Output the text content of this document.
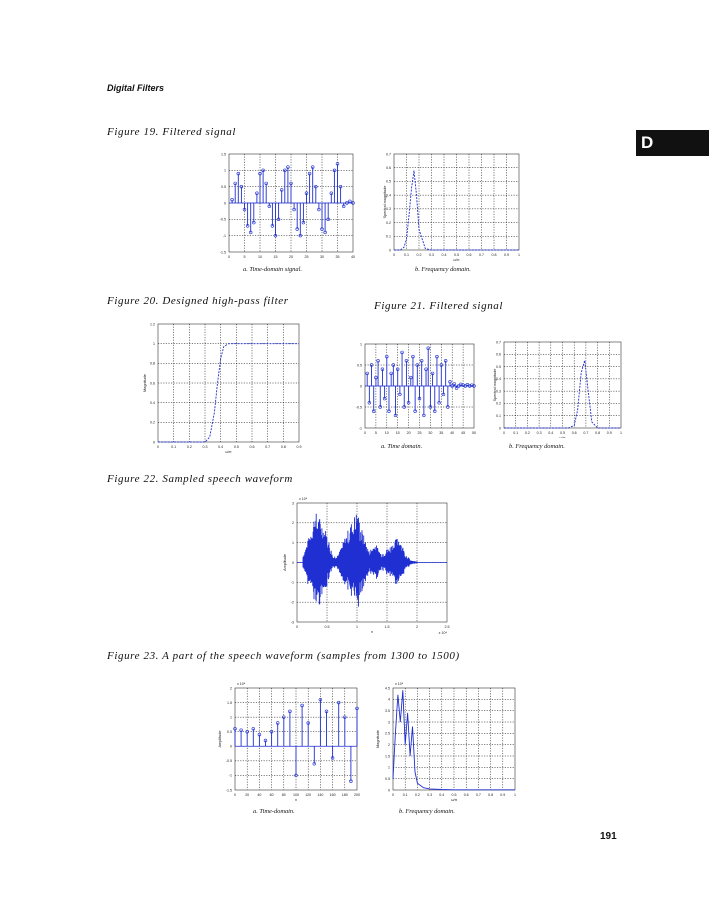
Digital Filters
D
Figure 19. Filtered signal
0	5	10	15	20	25	30	35	40
1.5
1
0.5
0
-0.5
-1
-1.5
0	0.1 0.2 0.3 0.4 0.5 0.6 0.7 0.8 0.9	1
0.7
0.6
0.5
0.4
0.3
0.2
0.1
0
ω/π
Spectral magnitude
a. Time-domain signal.	b. Frequency domain.
Figure 20. Designed high-pass filter	Figure 21. Filtered signal
0	0.1	0.2	0.3	0.4	0.5	0.6	0.7	0.8	0.9
1.2
1
0.8
0.6
0.4
0.2
0
ω/π
Magnitude
0 5 10 15 20 25 30 35 40 45 50
1
0.5
0
-0.5
-1
0 0.1 0.2 0.3 0.4 0.5 0.6 0.7 0.8 0.9 1
0.7
0.6
0.5
0.4
0.3
0.2
0.1
0
ω/π
Spectral magnitude
a. Time domain.	b. Frequency domain.
Figure 22. Sampled speech waveform
0	0.5	1	1.5	2	2.5
3
2
1
0
-1
-2
-3
n
Amplitude
x 10⁴
x 10⁴
Figure 23. A part of the speech waveform (samples from 1300 to 1500)
0	20 40 60 80 100 120 140 160 180 200
2
1.5
1
0.5
0
-0.5
-1
-1.5
n
Amplitude
x 10⁴
0 0.1 0.2 0.3 0.4 0.5 0.6 0.7 0.8 0.9 1
4.5
4
3.5
3
2.5
2
1.5
1
0.5
0
ω/π
Magnitude
x 10⁴
a. Time-domain.	b. Frequency domain.
191
